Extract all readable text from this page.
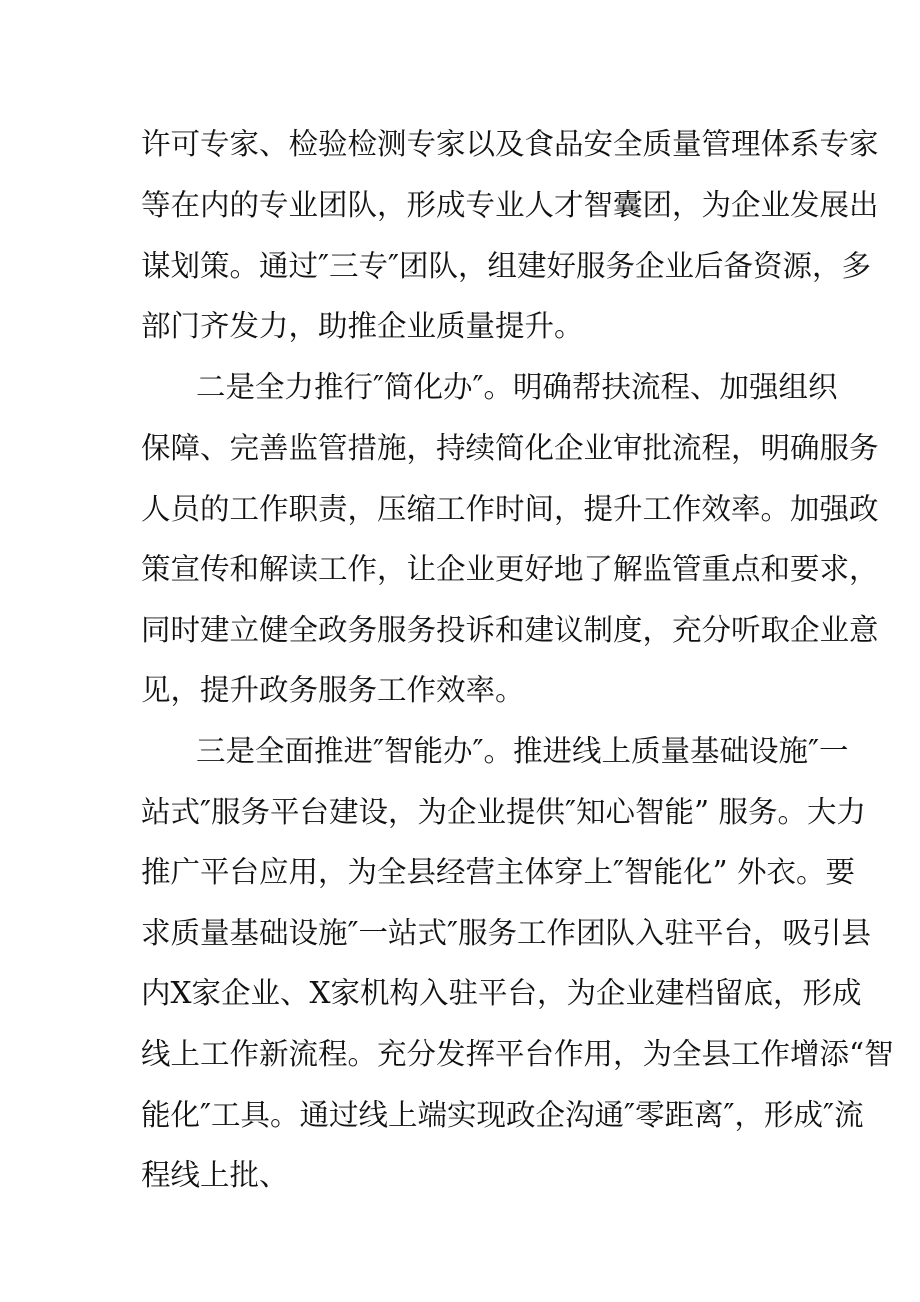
许可专家、检验检测专家以及食品安全质量管理体系专家
等在内的专业团队，形成专业人才智囊团，为企业发展出
谋划策。通过″三专″团队，组建好服务企业后备资源，多
部门齐发力，助推企业质量提升。
二是全力推行″简化办″。明确帮扶流程、加强组织
保障、完善监管措施，持续简化企业审批流程，明确服务
人员的工作职责，压缩工作时间，提升工作效率。加强政
策宣传和解读工作，让企业更好地了解监管重点和要求，
同时建立健全政务服务投诉和建议制度，充分听取企业意
见，提升政务服务工作效率。
三是全面推进″智能办″。推进线上质量基础设施″一
站式″服务平台建设，为企业提供″知心智能” 服务。大力
推广平台应用，为全县经营主体穿上″智能化” 外衣。要
求质量基础设施″一站式″服务工作团队入驻平台，吸引县
内X家企业、X家机构入驻平台，为企业建档留底，形成
线上工作新流程。充分发挥平台作用，为全县工作增添“智
能化″工具。通过线上端实现政企沟通″零距离″，形成″流
程线上批、
